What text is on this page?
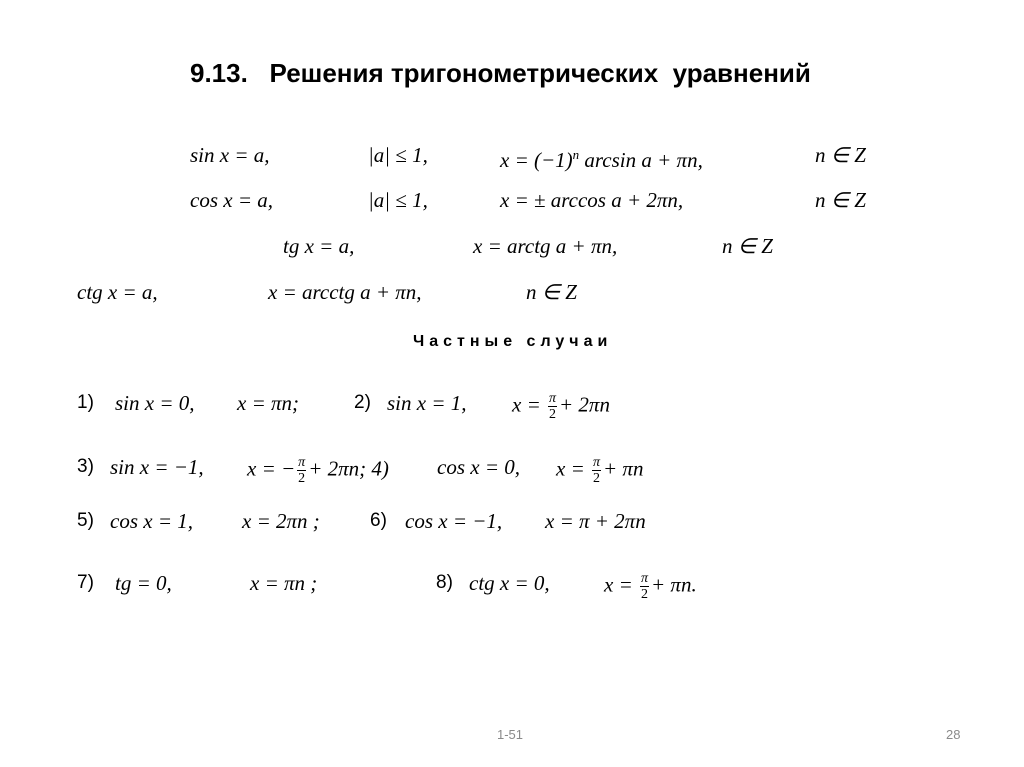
9.13.   Решения тригонометрических  уравнений
sin x = a,	|a| ≤ 1,	$x = (-1)^n$ arcsin a + πn,	n ∈ Z
cos x = a,	|a| ≤ 1,	x = ± arccos a + 2πn,	n ∈ Z
tg x = a,	x = arctg a + πn,	n ∈ Z
ctg x = a,	x = arcctg a + πn,	n ∈ Z
Частные случаи
1) sin x = 0, x = πn;	2) sin x = 1, $x = \frac{\pi}{2} + 2\pi n$
3) sin x = −1, x = − $\frac{\pi}{2} + 2\pi n$; 4) cos x = 0, $x = \frac{\pi}{2} + \pi n$
5) cos x = 1, x = 2πn ;	6) cos x = −1, x = π + 2πn
7) tg = 0,	x = πn ;	8) ctg x = 0,	$x = \frac{\pi}{2} + \pi n$.
1-51	28
